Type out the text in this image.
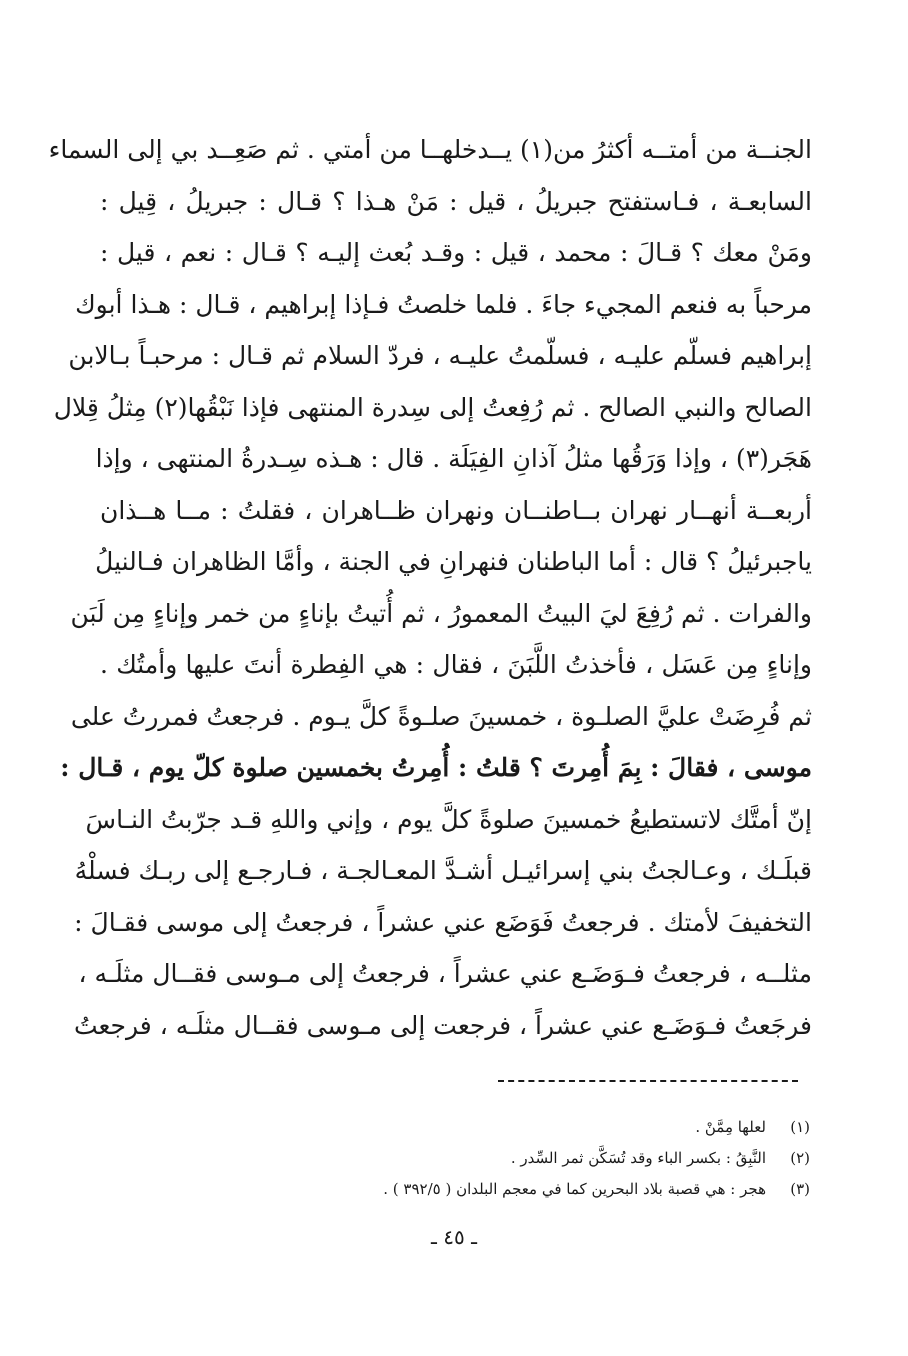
الجنــة من أمتــه أكثرُ من(١) يــدخلهــا من أمتي . ثم صَعِــد بي إلى السماء
السابعـة ، فـاستفتح جبريلُ ، قيل : مَنْ هـذا ؟ قـال : جبريلُ ، قِيل :
ومَنْ معك ؟ قـالَ : محمد ، قيل : وقـد بُعث إليـه ؟ قـال : نعم ، قيل :
مرحباً به فنعم المجيء جاءَ . فلما خلصتُ فـإذا إبراهيم ، قـال : هـذا أبوك
إبراهيم فسلّم عليـه ، فسلّمتُ عليـه ، فردّ السلام ثم قـال : مرحبـاً بـالابن
الصالح والنبي الصالح . ثم رُفِعتُ إلى سِدرة المنتهى فإذا نَبْقُها(٢) مِثلُ قِلال
هَجَر(٣) ، وإذا وَرَقُها مثلُ آذانِ الفِيَلَة . قال : هـذه سِـدرةُ المنتهى ، وإذا
أربعــة أنهــار نهران بــاطنــان ونهران ظــاهران ، فقلتُ : مــا هــذان
ياجبرئيلُ ؟ قال : أما الباطنان فنهرانِ في الجنة ، وأمَّا الظاهران فـالنيلُ
والفرات . ثم رُفِعَ ليَ البيتُ المعمورُ ، ثم أُتيتُ بإناءٍ من خمر وإناءٍ مِن لَبَن
وإناءٍ مِن عَسَل ، فأخذتُ اللَّبَنَ ، فقال : هي الفِطرة أنتَ عليها وأمتُك .
ثم فُرِضَتْ عليَّ الصلـوة ، خمسينَ صلـوةً كلَّ يـوم . فرجعتُ فمررتُ على
موسى ، فقالَ : بِمَ أُمِرتَ ؟ قلتُ : أُمِرتُ بخمسين صلوة كلّ يوم ، قـال :
إنّ أمتَّك لاتستطيعُ خمسينَ صلوةً كلَّ يوم ، وإني واللهِ قـد جرّبتُ النـاسَ
قبلَـك ، وعـالجتُ بني إسرائيـل أشـدَّ المعـالجـة ، فـارجـع إلى ربـك فسلْهُ
التخفيفَ لأمتك . فرجعتُ فَوَضَع عني عشراً ، فرجعتُ إلى موسى فقـالَ :
مثلــه ، فرجعتُ فـوَضَـع عني عشراً ، فرجعتُ إلى مـوسى فقــال مثلَـه ،
فرجَعتُ فـوَضَـع عني عشراً ، فرجعت إلى مـوسى فقــال مثلَـه ، فرجعتُ
(١)
لعلها مِمَّنْ .
(٢)
النَّبِقُ : بكسر الباء وقد تُسَكَّن ثمر السِّدر .
(٣)
هجر : هي قصبة بلاد البحرين كما في معجم البلدان ( ٣٩٢/٥ ) .
ـ ٤٥ ـ
